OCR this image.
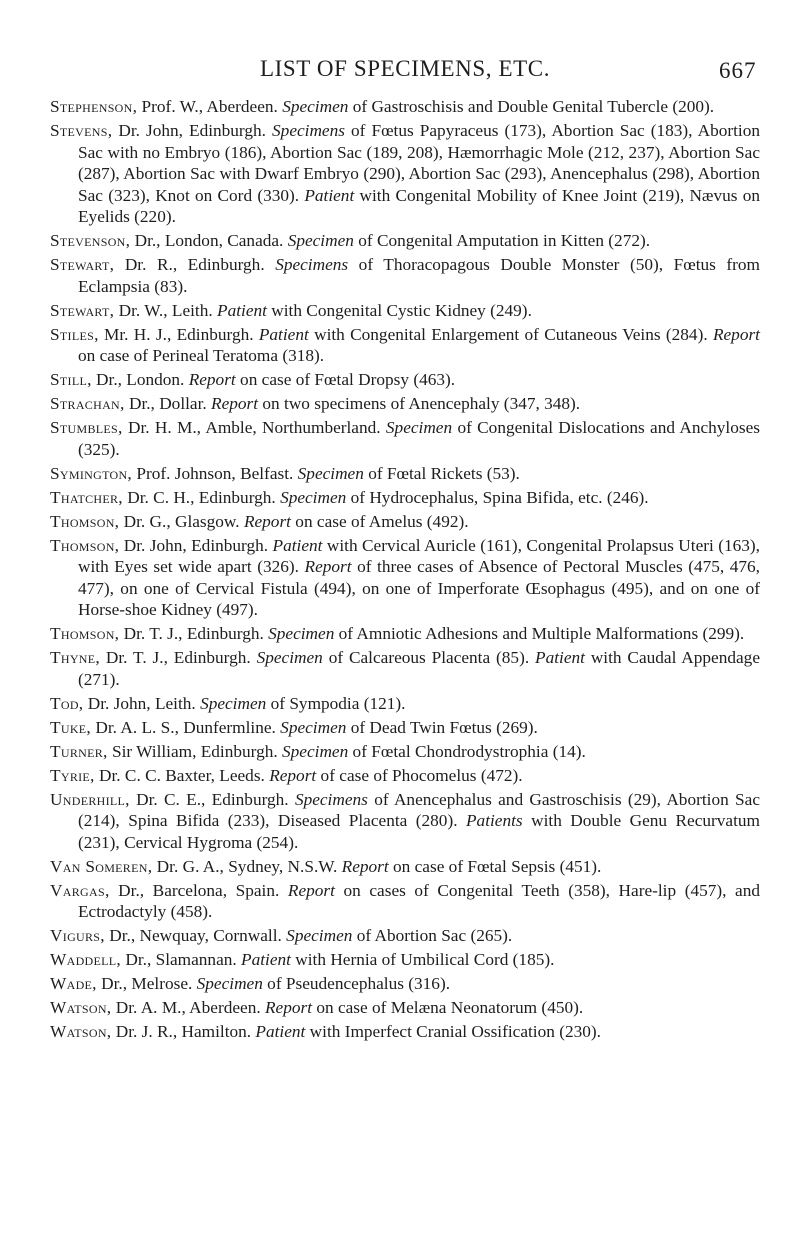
LIST OF SPECIMENS, ETC.	667

Stephenson, Prof. W., Aberdeen. Specimen of Gastroschisis and Double Genital Tubercle (200).

Stevens, Dr. John, Edinburgh. Specimens of Fœtus Papyraceus (173), Abortion Sac (183), Abortion Sac with no Embryo (186), Abortion Sac (189, 208), Hæmorrhagic Mole (212, 237), Abortion Sac (287), Abortion Sac with Dwarf Embryo (290), Abortion Sac (293), Anencephalus (298), Abortion Sac (323), Knot on Cord (330). Patient with Congenital Mobility of Knee Joint (219), Nævus on Eyelids (220).

Stevenson, Dr., London, Canada. Specimen of Congenital Amputation in Kitten (272).

Stewart, Dr. R., Edinburgh. Specimens of Thoracopagous Double Monster (50), Fœtus from Eclampsia (83).

Stewart, Dr. W., Leith. Patient with Congenital Cystic Kidney (249).

Stiles, Mr. H. J., Edinburgh. Patient with Congenital Enlargement of Cutaneous Veins (284). Report on case of Perineal Teratoma (318).

Still, Dr., London. Report on case of Fœtal Dropsy (463).

Strachan, Dr., Dollar. Report on two specimens of Anencephaly (347, 348).

Stumbles, Dr. H. M., Amble, Northumberland. Specimen of Congenital Dislocations and Anchyloses (325).

Symington, Prof. Johnson, Belfast. Specimen of Fœtal Rickets (53).

Thatcher, Dr. C. H., Edinburgh. Specimen of Hydrocephalus, Spina Bifida, etc. (246).

Thomson, Dr. G., Glasgow. Report on case of Amelus (492).

Thomson, Dr. John, Edinburgh. Patient with Cervical Auricle (161), Congenital Prolapsus Uteri (163), with Eyes set wide apart (326). Report of three cases of Absence of Pectoral Muscles (475, 476, 477), on one of Cervical Fistula (494), on one of Imperforate Œsophagus (495), and on one of Horse-shoe Kidney (497).

Thomson, Dr. T. J., Edinburgh. Specimen of Amniotic Adhesions and Multiple Malformations (299).

Thyne, Dr. T. J., Edinburgh. Specimen of Calcareous Placenta (85). Patient with Caudal Appendage (271).

Tod, Dr. John, Leith. Specimen of Sympodia (121).

Tuke, Dr. A. L. S., Dunfermline. Specimen of Dead Twin Fœtus (269).

Turner, Sir William, Edinburgh. Specimen of Fœtal Chondrodystrophia (14).

Tyrie, Dr. C. C. Baxter, Leeds. Report of case of Phocomelus (472).

Underhill, Dr. C. E., Edinburgh. Specimens of Anencephalus and Gastroschisis (29), Abortion Sac (214), Spina Bifida (233), Diseased Placenta (280). Patients with Double Genu Recurvatum (231), Cervical Hygroma (254).

Van Someren, Dr. G. A., Sydney, N.S.W. Report on case of Fœtal Sepsis (451).

Vargas, Dr., Barcelona, Spain. Report on cases of Congenital Teeth (358), Hare-lip (457), and Ectrodactyly (458).

Vigurs, Dr., Newquay, Cornwall. Specimen of Abortion Sac (265).

Waddell, Dr., Slamannan. Patient with Hernia of Umbilical Cord (185).

Wade, Dr., Melrose. Specimen of Pseudencephalus (316).

Watson, Dr. A. M., Aberdeen. Report on case of Melæna Neonatorum (450).

Watson, Dr. J. R., Hamilton. Patient with Imperfect Cranial Ossification (230).
